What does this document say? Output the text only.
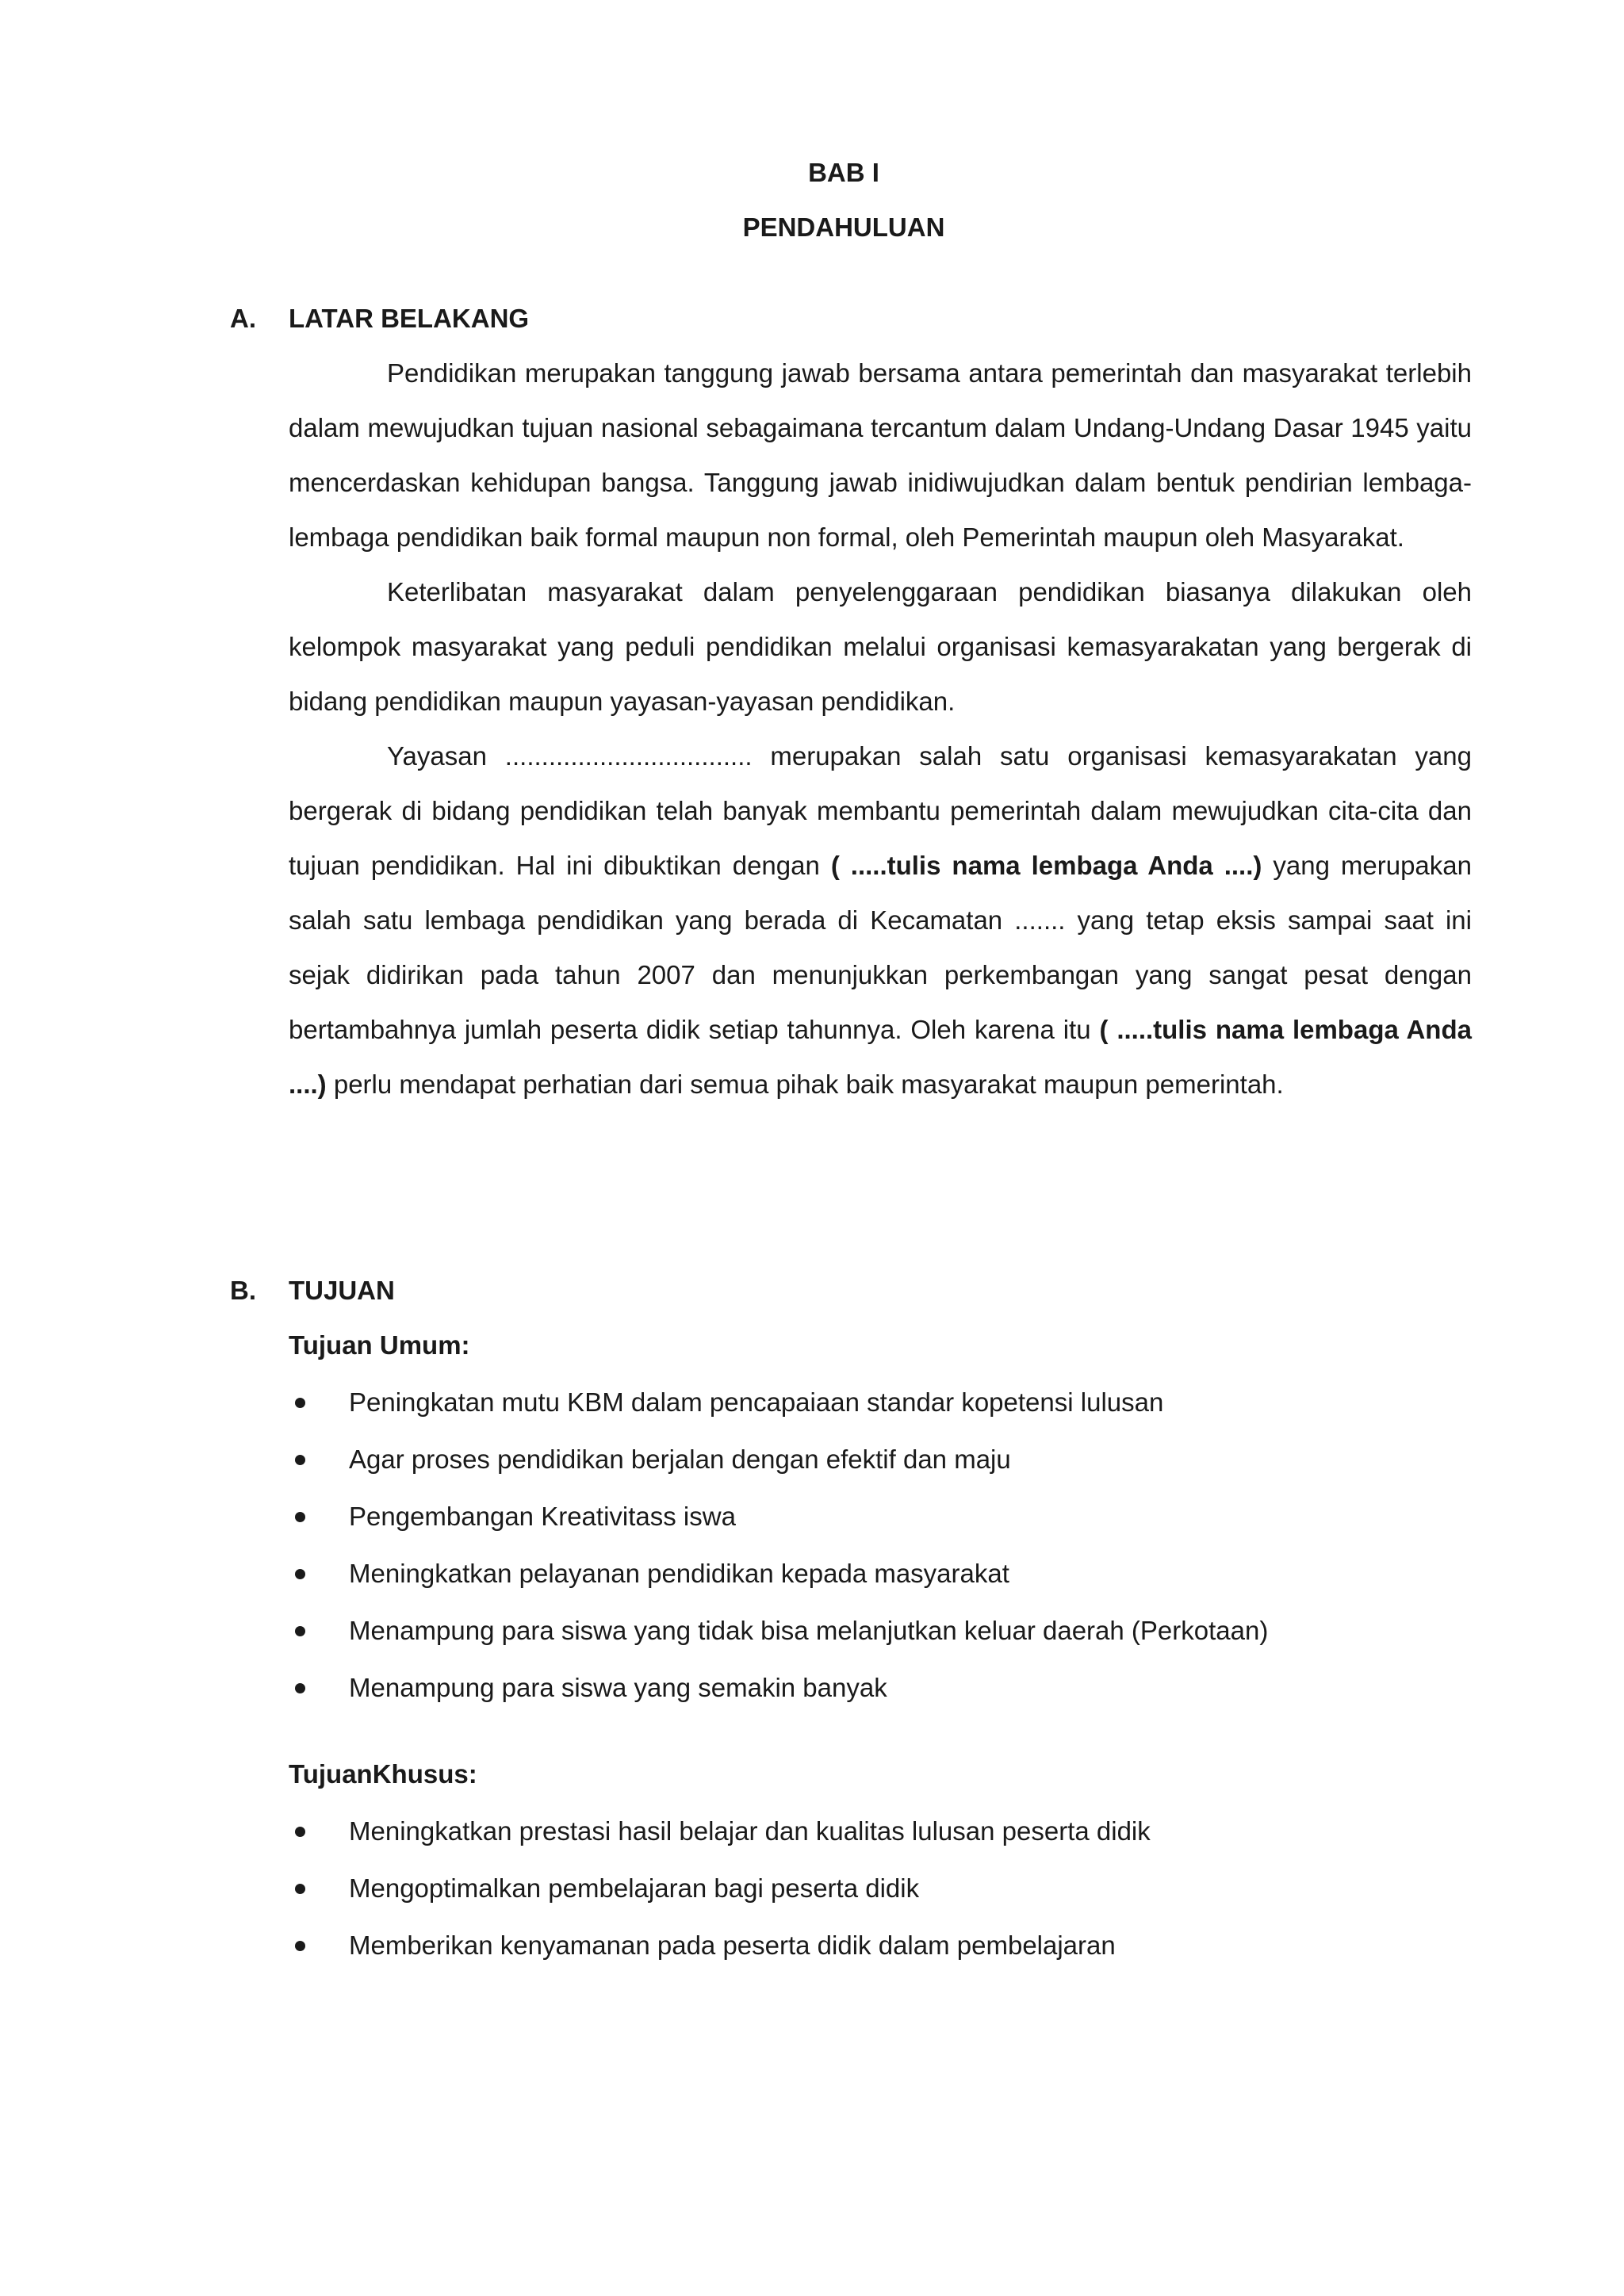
BAB I
PENDAHULUAN
A. LATAR BELAKANG

Pendidikan merupakan tanggung jawab bersama antara pemerintah dan masyarakat terlebih dalam mewujudkan tujuan nasional sebagaimana tercantum dalam Undang-Undang Dasar 1945 yaitu mencerdaskan kehidupan bangsa. Tanggung jawab inidiwujudkan dalam bentuk pendirian lembaga-lembaga pendidikan baik formal maupun non formal, oleh Pemerintah maupun oleh Masyarakat.

Keterlibatan masyarakat dalam penyelenggaraan pendidikan biasanya dilakukan oleh kelompok masyarakat yang peduli pendidikan melalui organisasi kemasyarakatan yang bergerak di bidang pendidikan maupun yayasan-yayasan pendidikan.

Yayasan .................................. merupakan salah satu organisasi kemasyarakatan yang bergerak di bidang pendidikan telah banyak membantu pemerintah dalam mewujudkan cita-cita dan tujuan pendidikan. Hal ini dibuktikan dengan ( .....tulis nama lembaga Anda ....) yang merupakan salah satu lembaga pendidikan yang berada di Kecamatan ....... yang tetap eksis sampai saat ini sejak didirikan pada tahun 2007 dan menunjukkan perkembangan yang sangat pesat dengan bertambahnya jumlah peserta didik setiap tahunnya. Oleh karena itu ( .....tulis nama lembaga Anda ....) perlu mendapat perhatian dari semua pihak baik masyarakat maupun pemerintah.

B. TUJUAN
Tujuan Umum:
Peningkatan mutu KBM dalam pencapaiaan standar kopetensi lulusan
Agar proses pendidikan berjalan dengan efektif dan maju
Pengembangan Kreativitass iswa
Meningkatkan pelayanan pendidikan kepada masyarakat
Menampung para siswa yang tidak bisa melanjutkan keluar daerah (Perkotaan)
Menampung para siswa yang semakin banyak
TujuanKhusus:
Meningkatkan prestasi hasil belajar dan kualitas lulusan peserta didik
Mengoptimalkan pembelajaran bagi peserta didik
Memberikan kenyamanan pada peserta didik dalam pembelajaran
